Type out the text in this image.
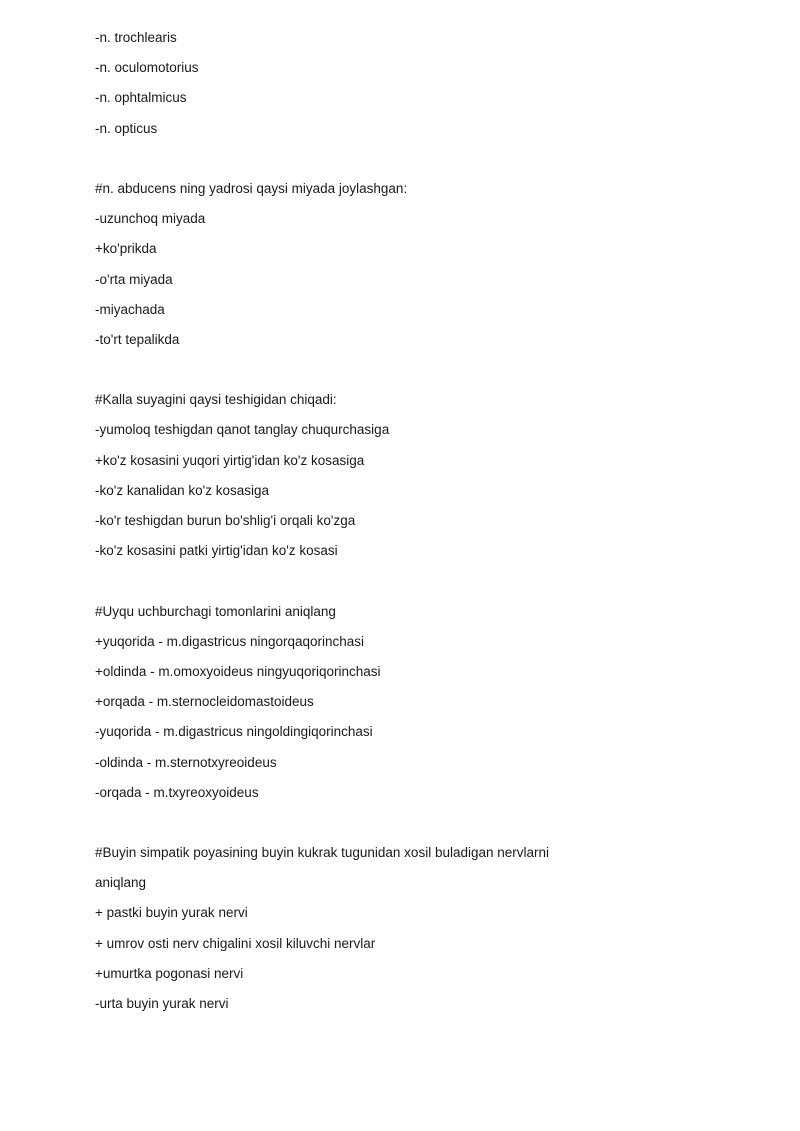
-n. trochlearis
-n. oculomotorius
-n. ophtalmicus
-n. opticus
#n. abducens ning yadrosi qaysi miyada joylashgan:
-uzunchoq miyada
+ko'prikda
-o'rta miyada
-miyachada
-to'rt tepalikda
#Kalla suyagini qaysi teshigidan chiqadi:
-yumoloq teshigdan qanot tanglay chuqurchasiga
+ko'z kosasini yuqori yirtig'idan ko'z kosasiga
-ko'z kanalidan ko'z kosasiga
-ko'r teshigdan burun bo'shlig'i orqali ko'zga
-ko'z kosasini patki yirtig'idan ko'z kosasi
#Uyqu uchburchagi tomonlarini aniqlang
+yuqorida - m.digastricus ningorqaqorinchasi
+oldinda - m.omoxyoideus ningyuqoriqorinchasi
+orqada - m.sternocleidomastoideus
-yuqorida - m.digastricus ningoldingiqorinchasi
-oldinda - m.sternotxyreoideus
-orqada - m.txyreoxyoideus
#Buyin simpatik poyasining buyin kukrak tugunidan xosil buladigan nervlarni
aniqlang
+ pastki buyin yurak nervi
+ umrov osti nerv chigalini xosil kiluvchi nervlar
+umurtka pogonasi nervi
-urta buyin yurak nervi
